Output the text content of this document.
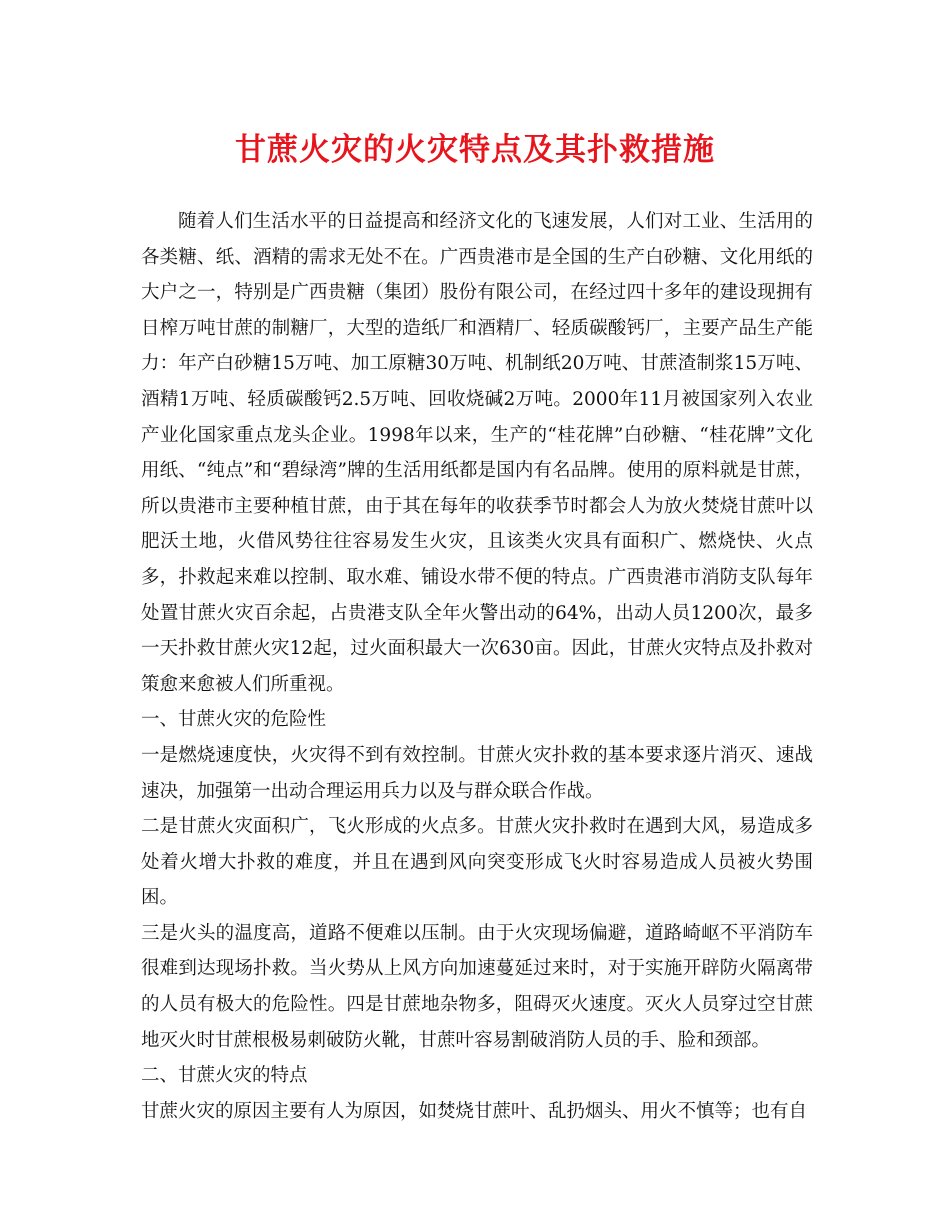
甘蔗火灾的火灾特点及其扑救措施

随着人们生活水平的日益提高和经济文化的飞速发展，人们对工业、生活用的各类糖、纸、酒精的需求无处不在。广西贵港市是全国的生产白砂糖、文化用纸的大户之一，特别是广西贵糖（集团）股份有限公司，在经过四十多年的建设现拥有日榨万吨甘蔗的制糖厂，大型的造纸厂和酒精厂、轻质碳酸钙厂，主要产品生产能力：年产白砂糖15万吨、加工原糖30万吨、机制纸20万吨、甘蔗渣制浆15万吨、酒精1万吨、轻质碳酸钙2.5万吨、回收烧碱2万吨。2000年11月被国家列入农业产业化国家重点龙头企业。1998年以来，生产的“桂花牌”白砂糖、“桂花牌”文化用纸、“纯点”和“碧绿湾”牌的生活用纸都是国内有名品牌。使用的原料就是甘蔗，所以贵港市主要种植甘蔗，由于其在每年的收获季节时都会人为放火焚烧甘蔗叶以肥沃土地，火借风势往往容易发生火灾，且该类火灾具有面积广、燃烧快、火点多，扑救起来难以控制、取水难、铺设水带不便的特点。广西贵港市消防支队每年处置甘蔗火灾百余起，占贵港支队全年火警出动的64%，出动人员1200次，最多一天扑救甘蔗火灾12起，过火面积最大一次630亩。因此，甘蔗火灾特点及扑救对策愈来愈被人们所重视。

一、甘蔗火灾的危险性

一是燃烧速度快，火灾得不到有效控制。甘蔗火灾扑救的基本要求逐片消灭、速战速决，加强第一出动合理运用兵力以及与群众联合作战。

二是甘蔗火灾面积广，飞火形成的火点多。甘蔗火灾扑救时在遇到大风，易造成多处着火增大扑救的难度，并且在遇到风向突变形成飞火时容易造成人员被火势围困。

三是火头的温度高，道路不便难以压制。由于火灾现场偏避，道路崎岖不平消防车很难到达现场扑救。当火势从上风方向加速蔓延过来时，对于实施开辟防火隔离带的人员有极大的危险性。四是甘蔗地杂物多，阻碍灭火速度。灭火人员穿过空甘蔗地灭火时甘蔗根极易刺破防火靴，甘蔗叶容易割破消防人员的手、脸和颈部。

二、甘蔗火灾的特点

甘蔗火灾的原因主要有人为原因，如焚烧甘蔗叶、乱扔烟头、用火不慎等；也有自
